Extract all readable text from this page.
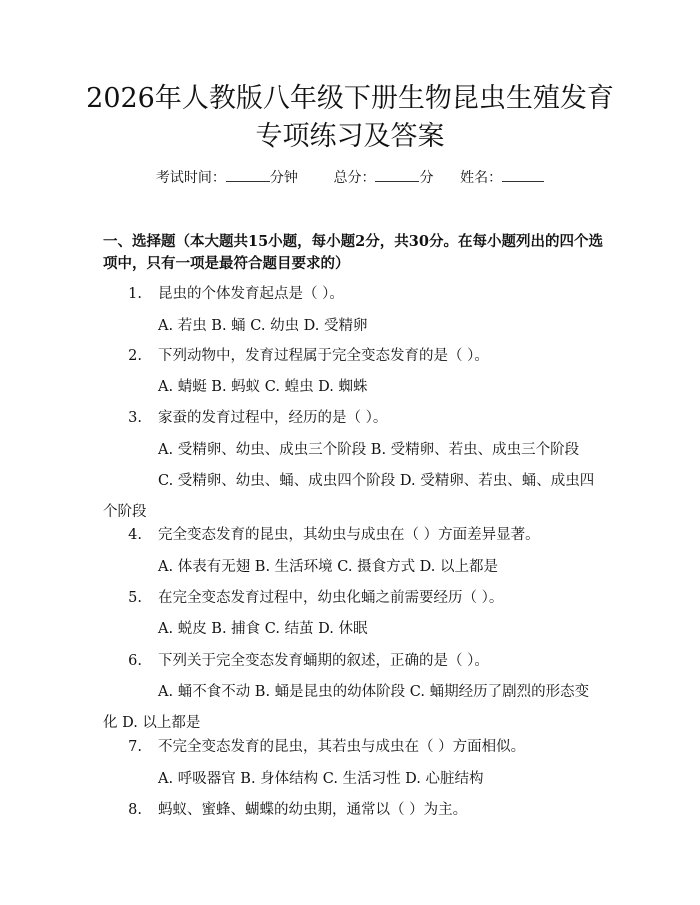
2026年人教版八年级下册生物昆虫生殖发育
专项练习及答案
考试时间：	分钟	总分：	分 姓名：

一、选择题（本大题共15小题，每小题2分，共30分。在每小题列出的四个选项中，只有一项是最符合题目要求的）

1. 昆虫的个体发育起点是（ ）。
A. 若虫 B. 蛹 C. 幼虫 D. 受精卵
2. 下列动物中，发育过程属于完全变态发育的是（ ）。
A. 蜻蜓 B. 蚂蚁 C. 蝗虫 D. 蜘蛛
3. 家蚕的发育过程中，经历的是（ ）。
A. 受精卵、幼虫、成虫三个阶段 B. 受精卵、若虫、成虫三个阶段
C. 受精卵、幼虫、蛹、成虫四个阶段 D. 受精卵、若虫、蛹、成虫四个阶段
4. 完全变态发育的昆虫，其幼虫与成虫在（ ）方面差异显著。
A. 体表有无翅 B. 生活环境 C. 摄食方式 D. 以上都是
5. 在完全变态发育过程中，幼虫化蛹之前需要经历（ ）。
A. 蜕皮 B. 捕食 C. 结茧 D. 休眠
6. 下列关于完全变态发育蛹期的叙述，正确的是（ ）。
A. 蛹不食不动 B. 蛹是昆虫的幼体阶段 C. 蛹期经历了剧烈的形态变化 D. 以上都是
7. 不完全变态发育的昆虫，其若虫与成虫在（ ）方面相似。
A. 呼吸器官 B. 身体结构 C. 生活习性 D. 心脏结构
8. 蚂蚁、蜜蜂、蝴蝶的幼虫期，通常以（ ）为主。
